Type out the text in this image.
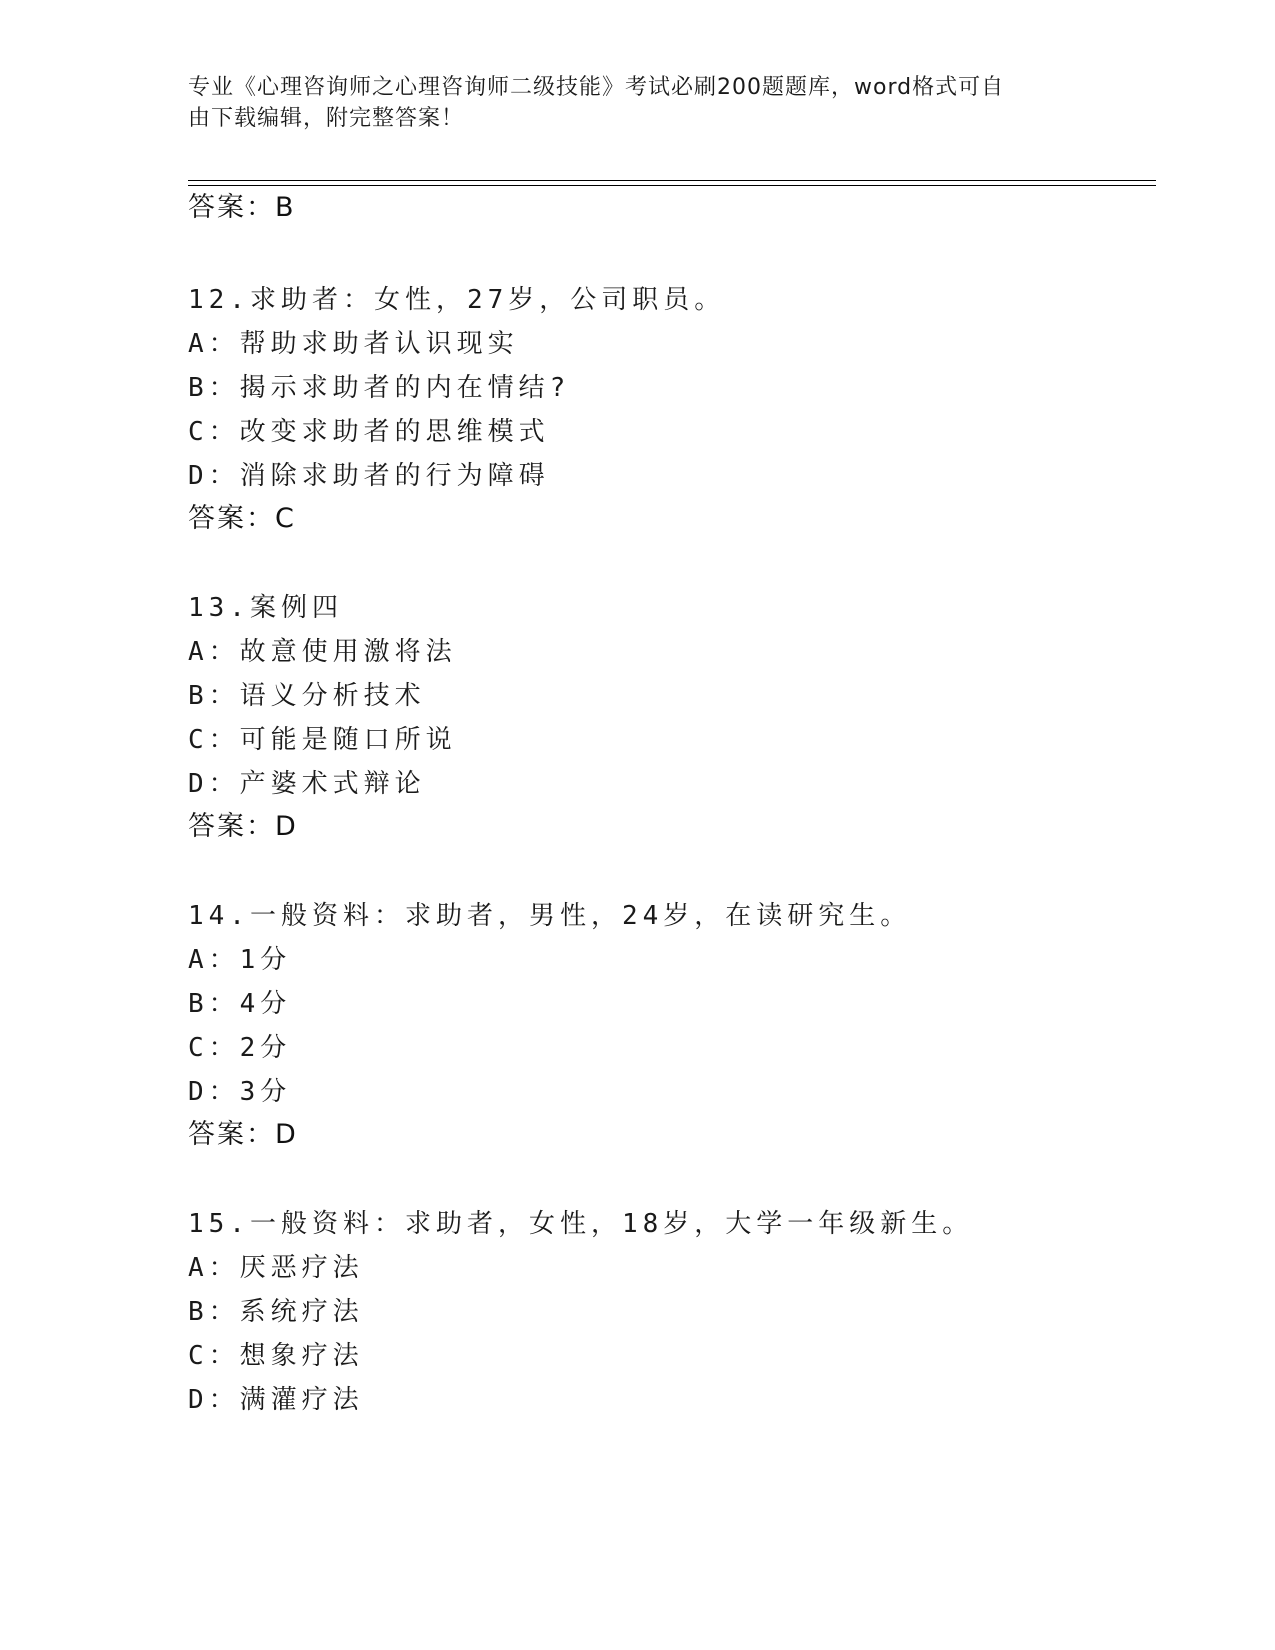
专业《心理咨询师之心理咨询师二级技能》考试必刷200题题库，word格式可自
由下载编辑，附完整答案！
答案：B
12.求助者：女性，27岁，公司职员。
A：帮助求助者认识现实
B：揭示求助者的内在情结?
C：改变求助者的思维模式
D：消除求助者的行为障碍
答案：C
13.案例四
A：故意使用激将法
B：语义分析技术
C：可能是随口所说
D：产婆术式辩论
答案：D
14.一般资料：求助者，男性，24岁，在读研究生。
A：1分
B：4分
C：2分
D：3分
答案：D
15.一般资料：求助者，女性，18岁，大学一年级新生。
A：厌恶疗法
B：系统疗法
C：想象疗法
D：满灌疗法
